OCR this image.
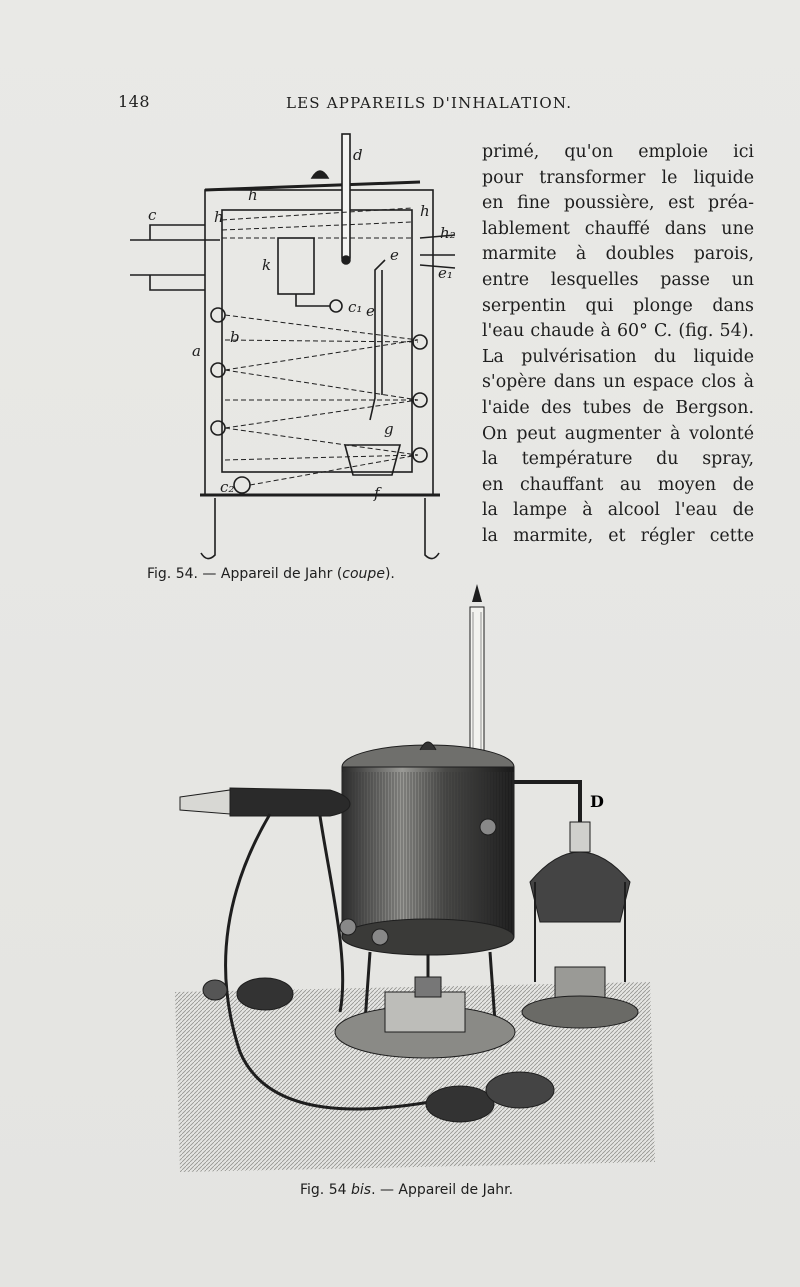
148	LES APPAREILS D'INHALATION.
d
h
h	h
h₂
c
k
e
e₁
c₁ e
b
a
g
c₂	f
primé, qu'on emploie ici
pour transformer le liquide
en fine poussière, est préa-
lablement chauffé dans une
marmite à doubles parois,
entre lesquelles passe un
serpentin qui plonge dans
l'eau chaude à 60° C. (fig. 54).
La pulvérisation du liquide
s'opère dans un espace clos à
l'aide des tubes de Bergson.
On peut augmenter à volonté
la température du spray,
en chauffant au moyen de
la lampe à alcool l'eau de
la marmite, et régler cette
Fig. 54. — Appareil de Jahr (coupe).
D
Fig. 54 bis. — Appareil de Jahr.
